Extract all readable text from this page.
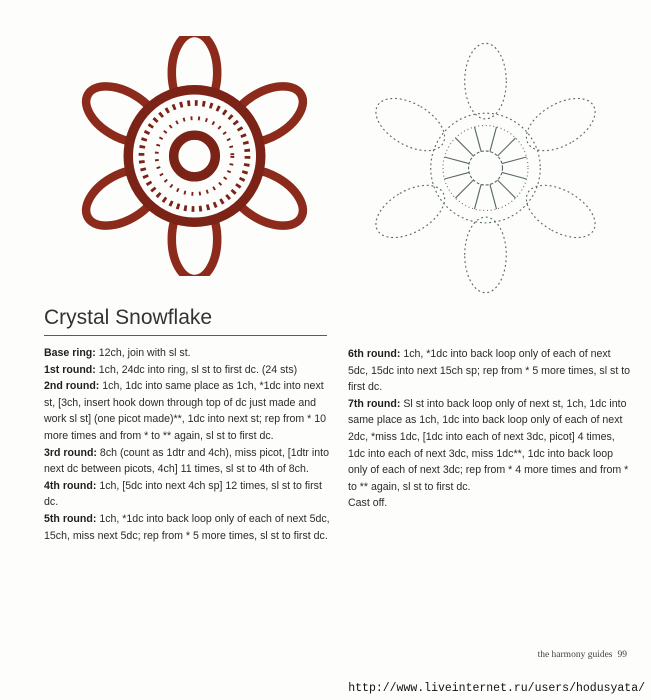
Crystal Snowflake

Base ring: 12ch, join with sl st.

1st round: 1ch, 24dc into ring, sl st to first dc. (24 sts)

2nd round: 1ch, 1dc into same place as 1ch, *1dc into next st, [3ch, insert hook down through top of dc just made and work sl st] (one picot made)**, 1dc into next st; rep from * 10 more times and from * to ** again, sl st to first dc.

3rd round: 8ch (count as 1dtr and 4ch), miss picot, [1dtr into next dc between picots, 4ch] 11 times, sl st to 4th of 8ch.

4th round: 1ch, [5dc into next 4ch sp] 12 times, sl st to first dc.

5th round: 1ch, *1dc into back loop only of each of next 5dc, 15ch, miss next 5dc; rep from * 5 more times, sl st to first dc.

6th round: 1ch, *1dc into back loop only of each of next 5dc, 15dc into next 15ch sp; rep from * 5 more times, sl st to first dc.

7th round: Sl st into back loop only of next st, 1ch, 1dc into same place as 1ch, 1dc into back loop only of each of next 2dc, *miss 1dc, [1dc into each of next 3dc, picot] 4 times, 1dc into each of next 3dc, miss 1dc**, 1dc into back loop only of each of next 3dc; rep from * 4 more times and from * to ** again, sl st to first dc.

Cast off.

the harmony guides 99
http://www.liveinternet.ru/users/hodusyata/
